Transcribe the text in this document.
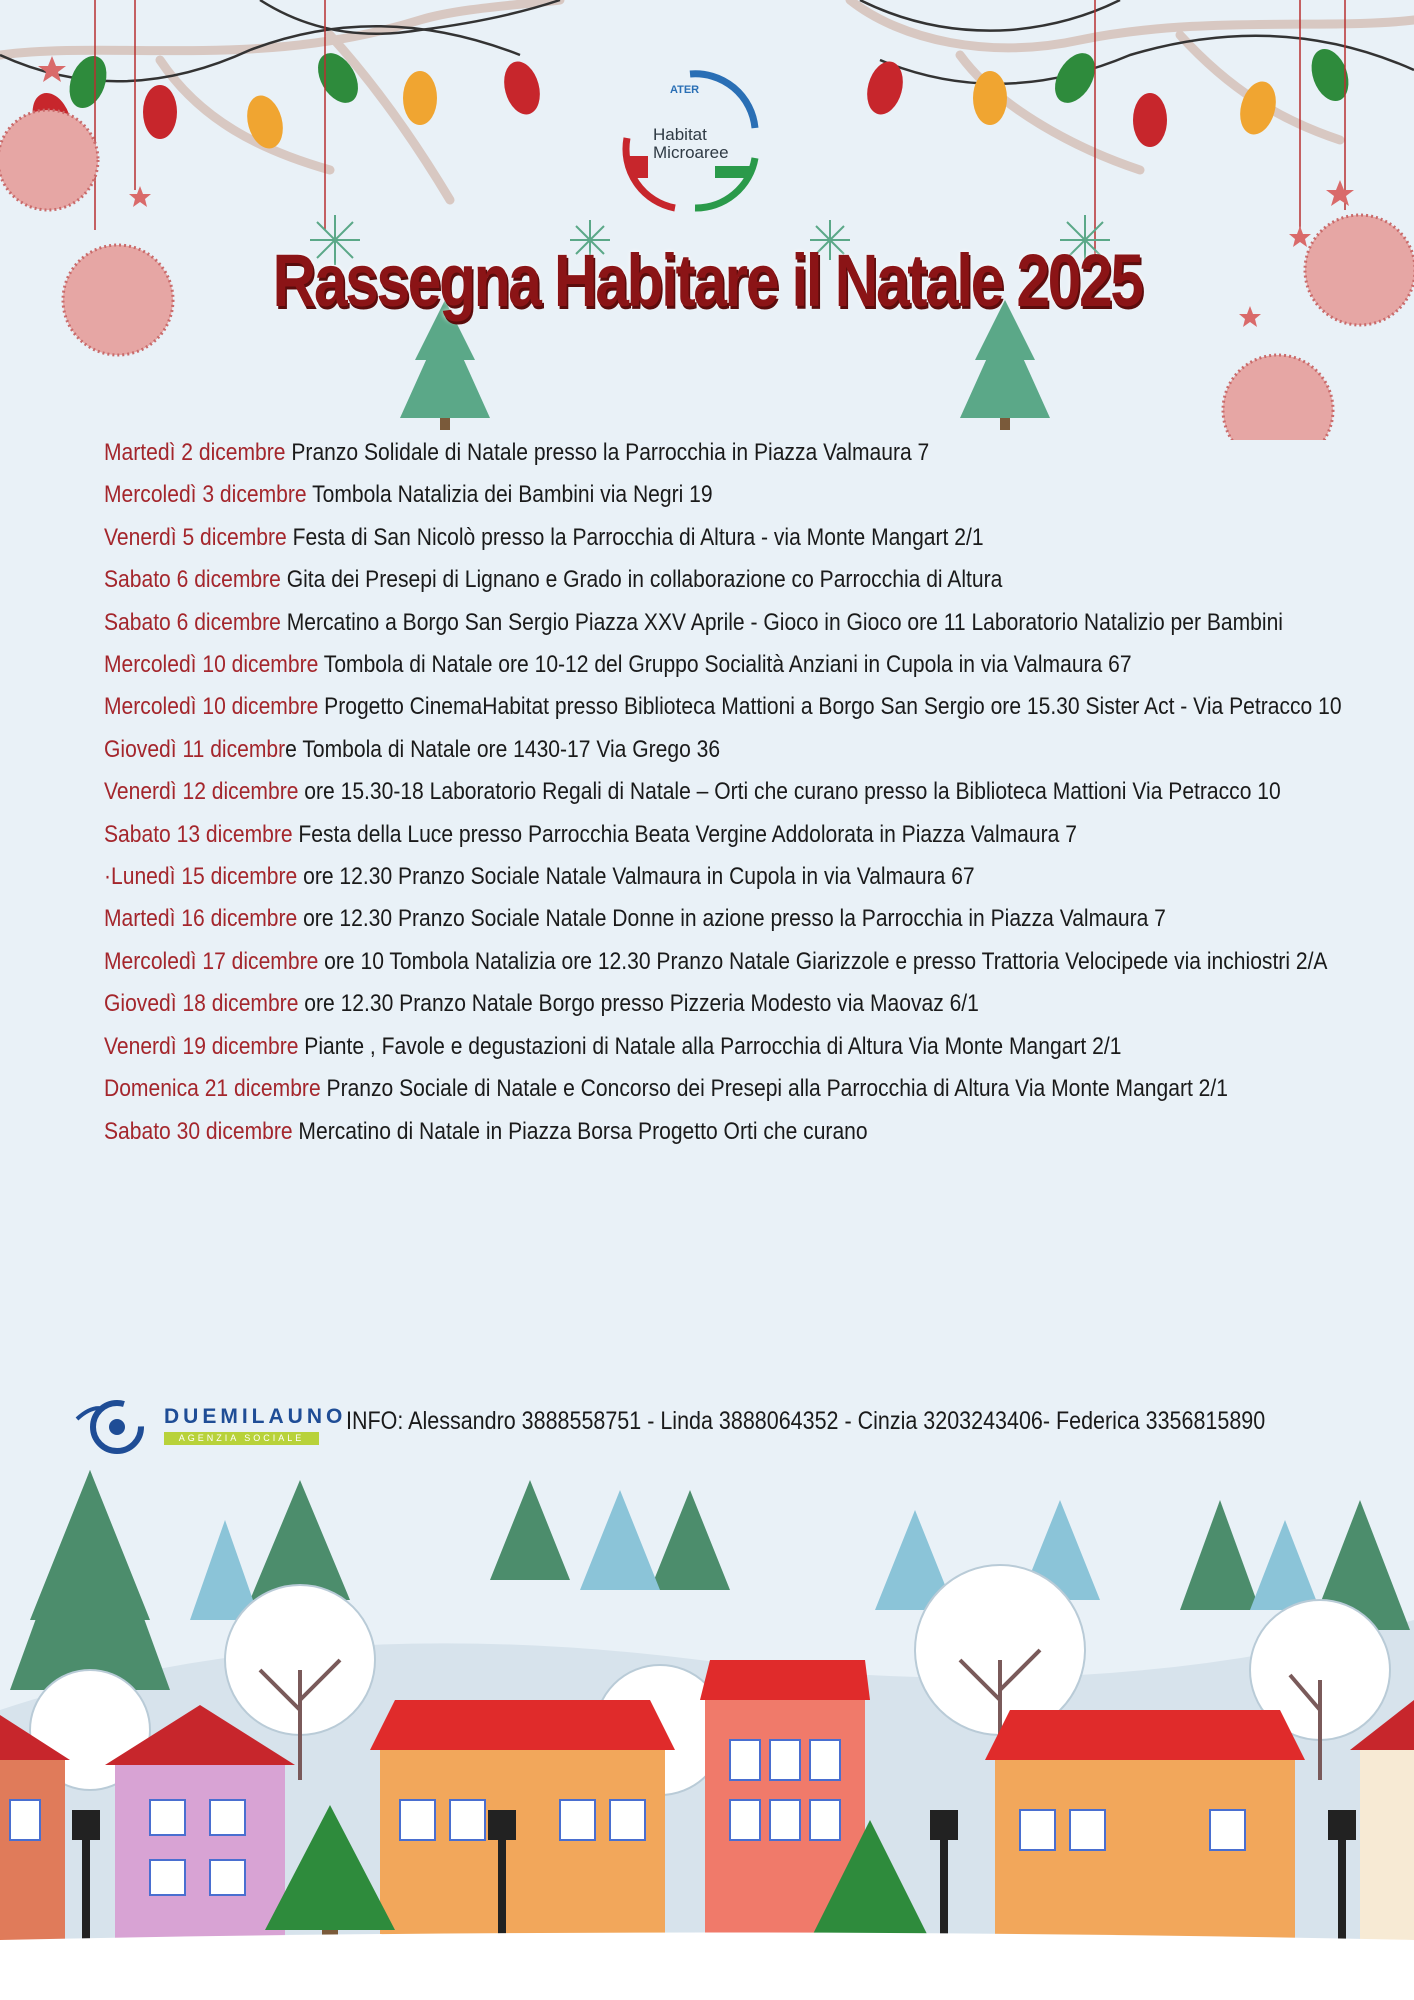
ATER
Habitat
Microaree
Rassegna Habitare il Natale 2025

Martedì 2 dicembre Pranzo Solidale di Natale presso la Parrocchia in Piazza Valmaura 7

Mercoledì 3 dicembre Tombola Natalizia dei Bambini via Negri 19

Venerdì 5 dicembre Festa di San Nicolò presso la Parrocchia di Altura - via Monte Mangart 2/1

Sabato 6 dicembre Gita dei Presepi di Lignano e Grado in collaborazione co Parrocchia di Altura

Sabato 6 dicembre Mercatino a Borgo San Sergio Piazza XXV Aprile - Gioco in Gioco ore 11 Laboratorio Natalizio per Bambini

Mercoledì 10 dicembre Tombola di Natale ore 10-12 del Gruppo Socialità Anziani in Cupola in via Valmaura 67

Mercoledì 10 dicembre Progetto CinemaHabitat presso Biblioteca Mattioni a Borgo San Sergio ore 15.30 Sister Act - Via Petracco 10

Giovedì 11 dicembre Tombola di Natale ore 1430-17 Via Grego 36

Venerdì 12 dicembre ore 15.30-18 Laboratorio Regali di Natale – Orti che curano presso la Biblioteca Mattioni Via Petracco 10

Sabato 13 dicembre Festa della Luce presso Parrocchia Beata Vergine Addolorata in Piazza Valmaura 7

·Lunedì 15 dicembre ore 12.30 Pranzo Sociale Natale Valmaura in Cupola in via Valmaura 67

Martedì 16 dicembre ore 12.30 Pranzo Sociale Natale Donne in azione presso la Parrocchia in Piazza Valmaura 7

Mercoledì 17 dicembre ore 10 Tombola Natalizia ore 12.30 Pranzo Natale Giarizzole e presso Trattoria Velocipede via inchiostri 2/A

Giovedì 18 dicembre ore 12.30 Pranzo Natale Borgo presso Pizzeria Modesto via Maovaz 6/1

Venerdì 19 dicembre Piante , Favole e degustazioni di Natale alla Parrocchia di Altura Via Monte Mangart 2/1

Domenica 21 dicembre Pranzo Sociale di Natale e Concorso dei Presepi alla Parrocchia di Altura Via Monte Mangart 2/1

Sabato 30 dicembre Mercatino di Natale in Piazza Borsa Progetto Orti che curano

DUEMILAUNO
AGENZIA SOCIALE
INFO: Alessandro 3888558751 - Linda 3888064352 - Cinzia 3203243406- Federica 3356815890
